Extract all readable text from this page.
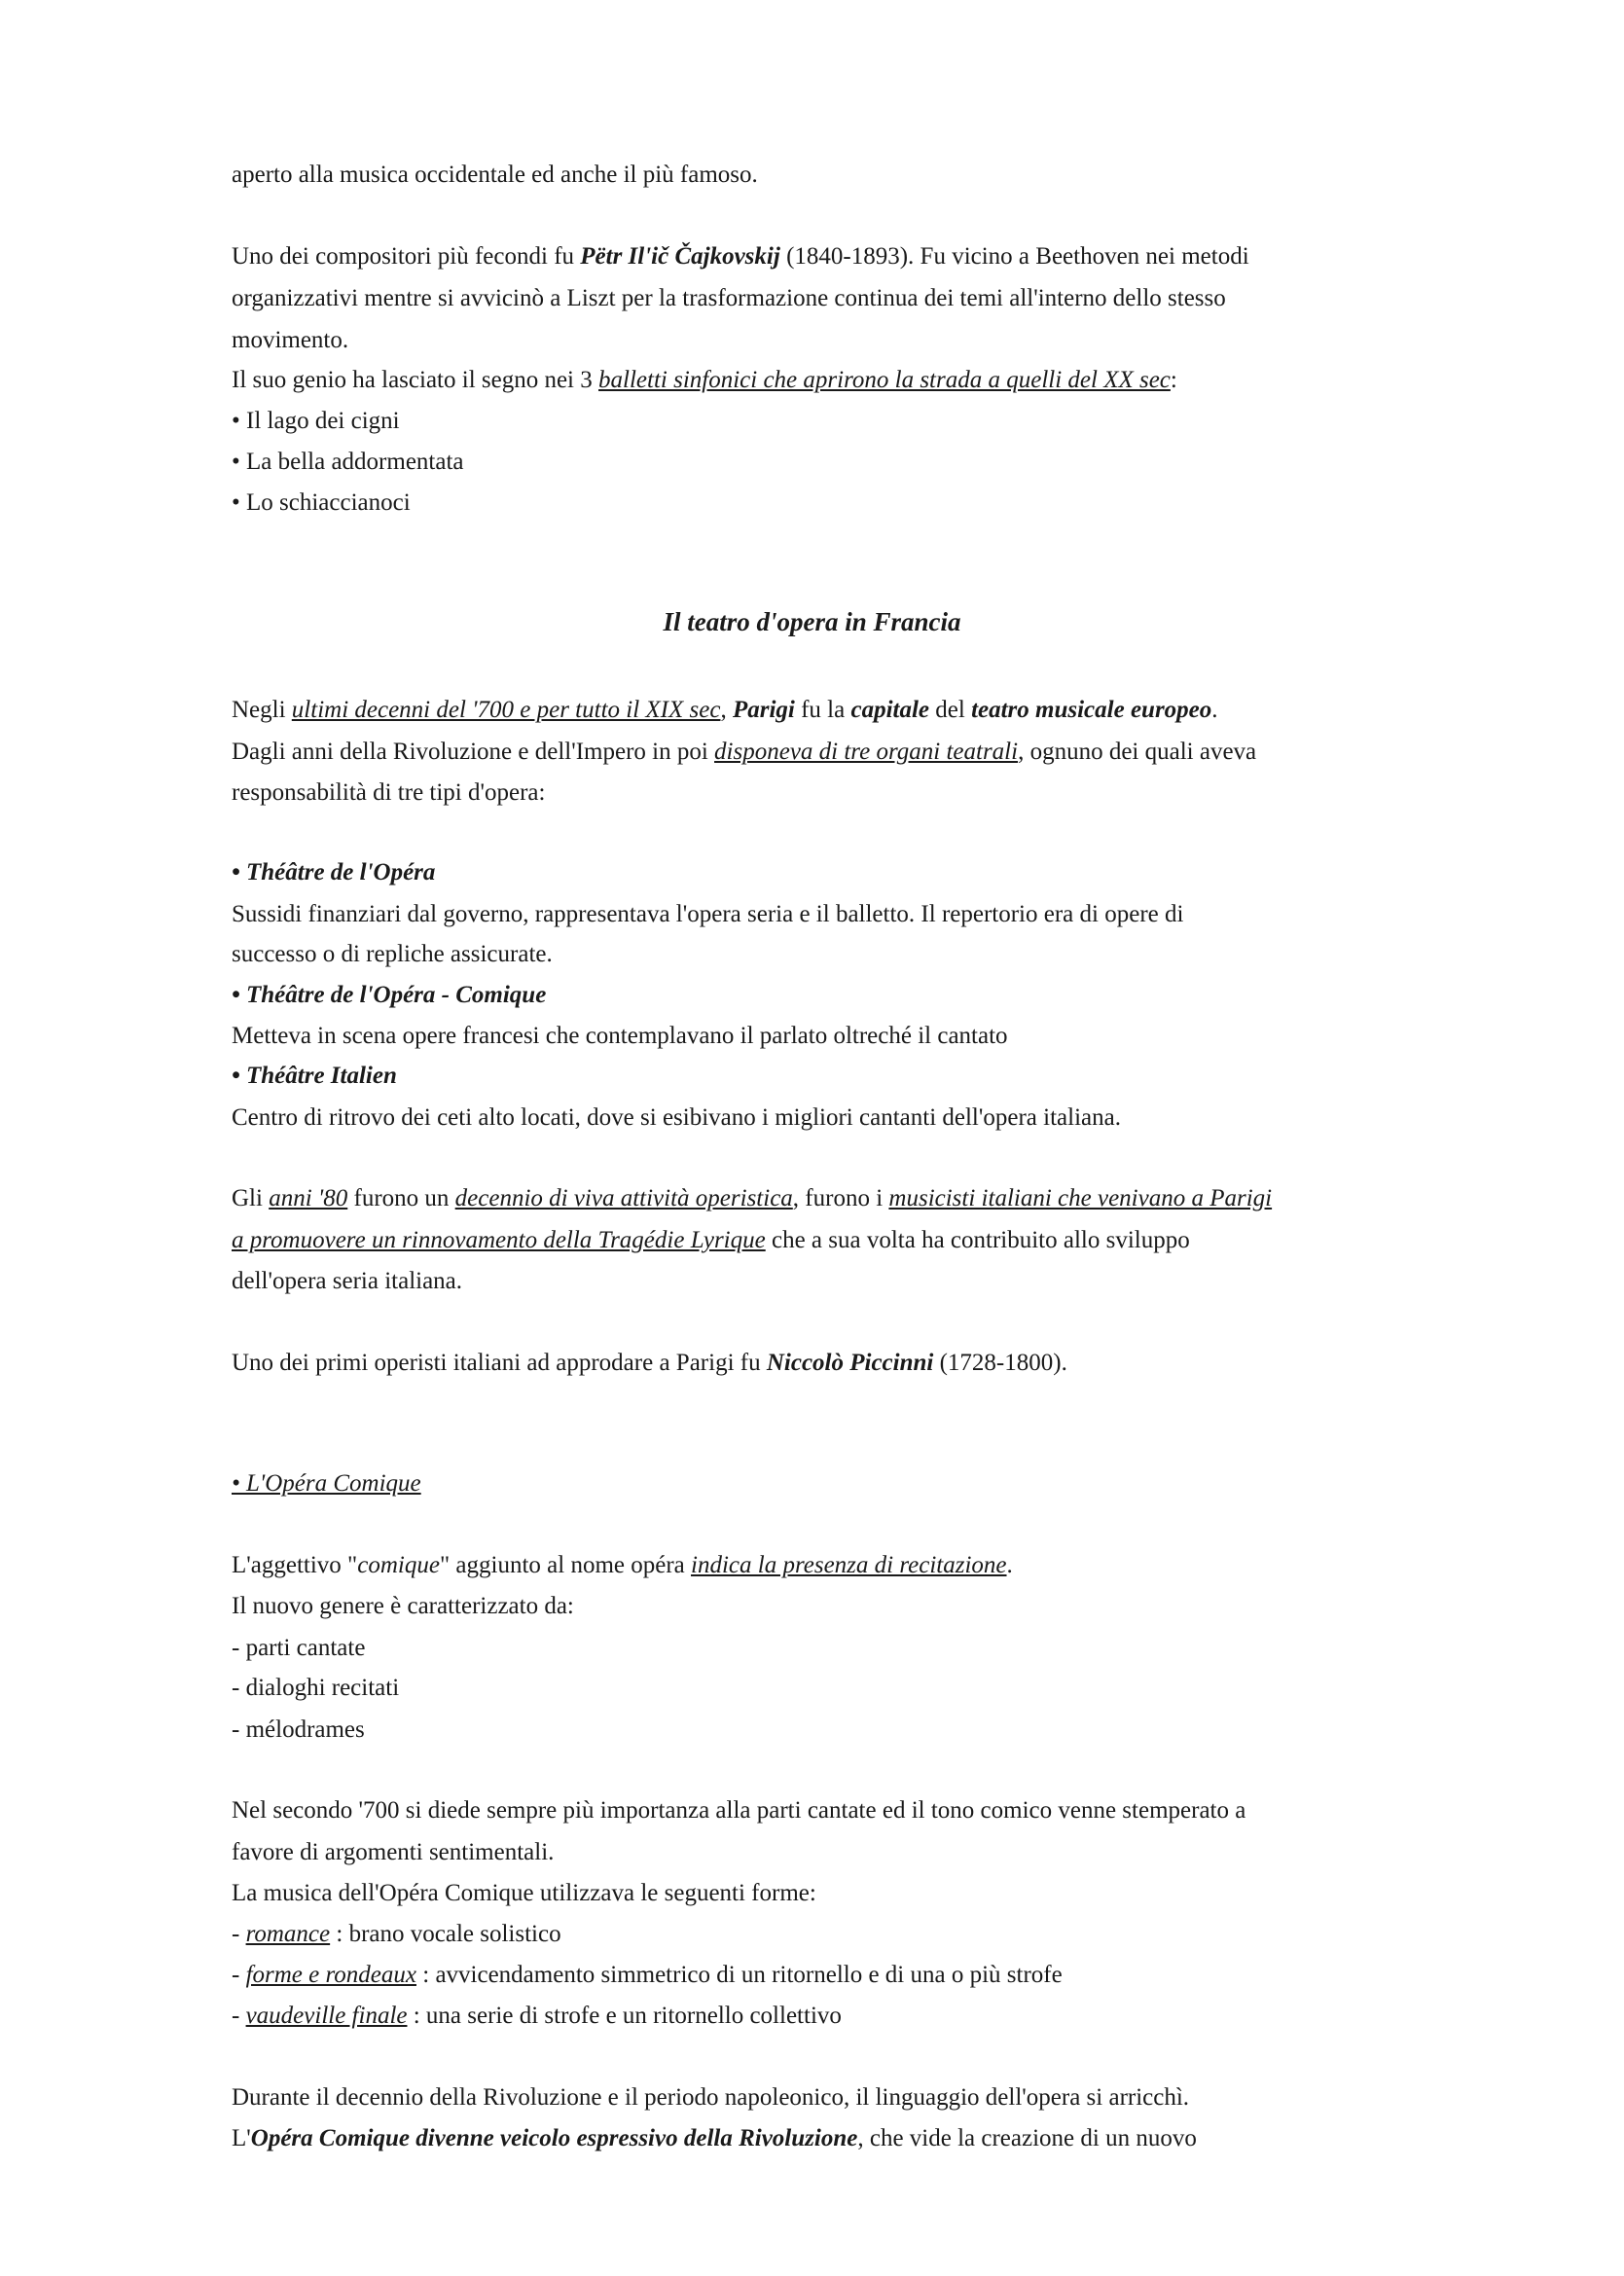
aperto alla musica occidentale ed anche il più famoso.
Uno dei compositori più fecondi fu Pëtr Il'ič Čajkovskij (1840-1893). Fu vicino a Beethoven nei metodi
organizzativi mentre si avvicinò a Liszt per la trasformazione continua dei temi all'interno dello stesso
movimento.
Il suo genio ha lasciato il segno nei 3 balletti sinfonici che aprirono la strada a quelli del XX sec:
• Il lago dei cigni
• La bella addormentata
• Lo schiaccianoci
Il teatro d'opera in Francia
Negli ultimi decenni del '700 e per tutto il XIX sec, Parigi fu la capitale del teatro musicale europeo.
Dagli anni della Rivoluzione e dell'Impero in poi disponeva di tre organi teatrali, ognuno dei quali aveva
responsabilità di tre tipi d'opera:
• Théâtre de l'Opéra
Sussidi finanziari dal governo, rappresentava l'opera seria e il balletto. Il repertorio era di opere di
successo o di repliche assicurate.
• Théâtre de l'Opéra - Comique
Metteva in scena opere francesi che contemplavano il parlato oltreché il cantato
• Théâtre Italien
Centro di ritrovo dei ceti alto locati, dove si esibivano i migliori cantanti dell'opera italiana.
Gli anni '80 furono un decennio di viva attività operistica, furono i musicisti italiani che venivano a Parigi
a promuovere un rinnovamento della Tragédie Lyrique che a sua volta ha contribuito allo sviluppo
dell'opera seria italiana.
Uno dei primi operisti italiani ad approdare a Parigi fu Niccolò Piccinni (1728-1800).
• L'Opéra Comique
L'aggettivo "comique" aggiunto al nome opéra indica la presenza di recitazione.
Il nuovo genere è caratterizzato da:
- parti cantate
- dialoghi recitati
- mélodrames
Nel secondo '700 si diede sempre più importanza alla parti cantate ed il tono comico venne stemperato a
favore di argomenti sentimentali.
La musica dell'Opéra Comique utilizzava le seguenti forme:
- romance : brano vocale solistico
- forme e rondeaux : avvicendamento simmetrico di un ritornello e di una o più strofe
- vaudeville finale : una serie di strofe e un ritornello collettivo
Durante il decennio della Rivoluzione e il periodo napoleonico, il linguaggio dell'opera si arricchì.
L'Opéra Comique divenne veicolo espressivo della Rivoluzione, che vide la creazione di un nuovo
